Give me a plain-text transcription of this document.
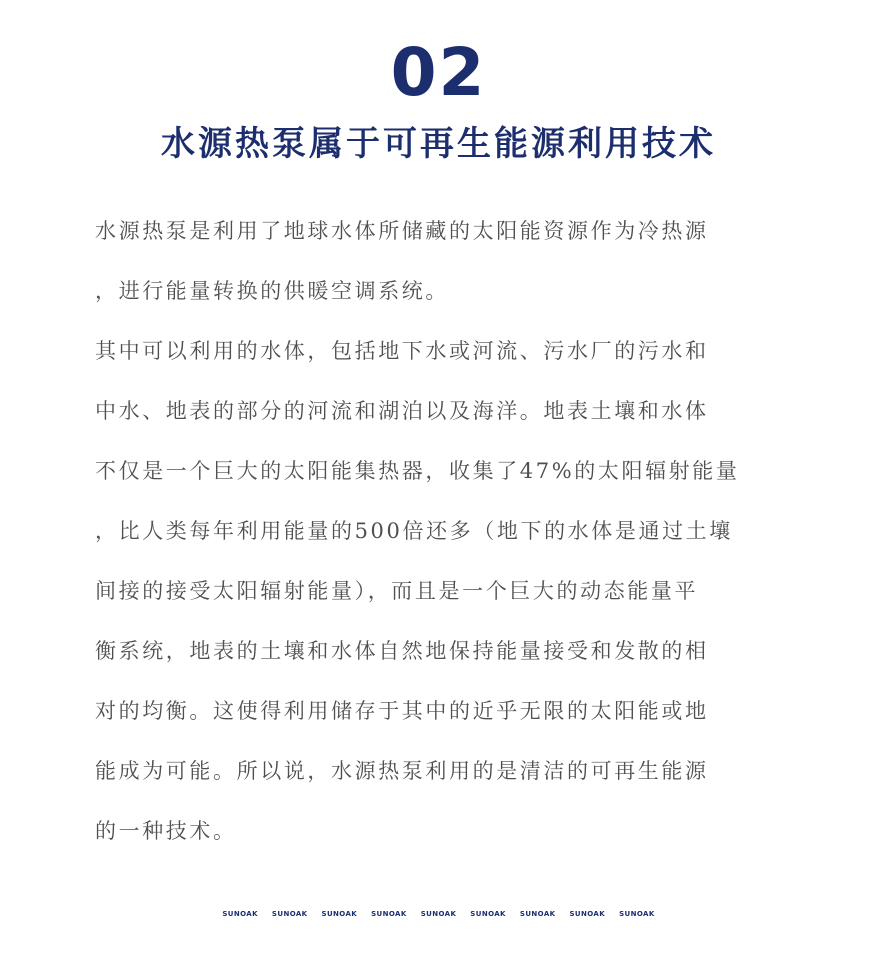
02
水源热泵属于可再生能源利用技术
水源热泵是利用了地球水体所储藏的太阳能资源作为冷热源
，进行能量转换的供暖空调系统。
其中可以利用的水体，包括地下水或河流、污水厂的污水和
中水、地表的部分的河流和湖泊以及海洋。地表土壤和水体
不仅是一个巨大的太阳能集热器，收集了47%的太阳辐射能量
，比人类每年利用能量的500倍还多（地下的水体是通过土壤
间接的接受太阳辐射能量），而且是一个巨大的动态能量平
衡系统，地表的土壤和水体自然地保持能量接受和发散的相
对的均衡。这使得利用储存于其中的近乎无限的太阳能或地
能成为可能。所以说，水源热泵利用的是清洁的可再生能源
的一种技术。
SUNOAK SUNOAK SUNOAK SUNOAK SUNOAK SUNOAK SUNOAK SUNOAK SUNOAK
